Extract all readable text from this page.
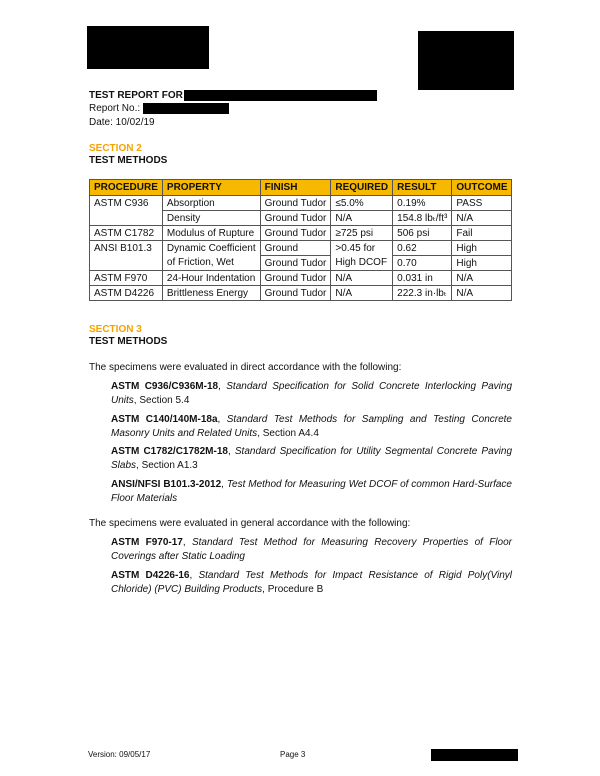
TEST REPORT FOR
Report No.:
Date: 10/02/19
SECTION 2
TEST METHODS
PROCEDURE	PROPERTY	FINISH	REQUIRED	RESULT	OUTCOME
ASTM C936	Absorption	Ground Tudor	≤5.0%	0.19%	PASS
	Density	Ground Tudor	N/A	154.8 lbₜ/ft³	N/A
ASTM C1782	Modulus of Rupture	Ground Tudor	≥725 psi	506 psi	Fail
ANSI B101.3	Dynamic Coefficient	Ground	>0.45 for	0.62	High
	of Friction, Wet	Ground Tudor	High DCOF	0.70	High
ASTM F970	24-Hour Indentation	Ground Tudor	N/A	0.031 in	N/A
ASTM D4226	Brittleness Energy	Ground Tudor	N/A	222.3 in·lbₜ	N/A
SECTION 3
TEST METHODS
The specimens were evaluated in direct accordance with the following:
ASTM C936/C936M-18, Standard Specification for Solid Concrete Interlocking Paving Units, Section 5.4
ASTM C140/140M-18a, Standard Test Methods for Sampling and Testing Concrete Masonry Units and Related Units, Section A4.4
ASTM C1782/C1782M-18, Standard Specification for Utility Segmental Concrete Paving Slabs, Section A1.3
ANSI/NFSI B101.3-2012, Test Method for Measuring Wet DCOF of common Hard-Surface Floor Materials
The specimens were evaluated in general accordance with the following:
ASTM F970-17, Standard Test Method for Measuring Recovery Properties of Floor Coverings after Static Loading
ASTM D4226-16, Standard Test Methods for Impact Resistance of Rigid Poly(Vinyl Chloride) (PVC) Building Products, Procedure B
Version: 09/05/17	Page 3
